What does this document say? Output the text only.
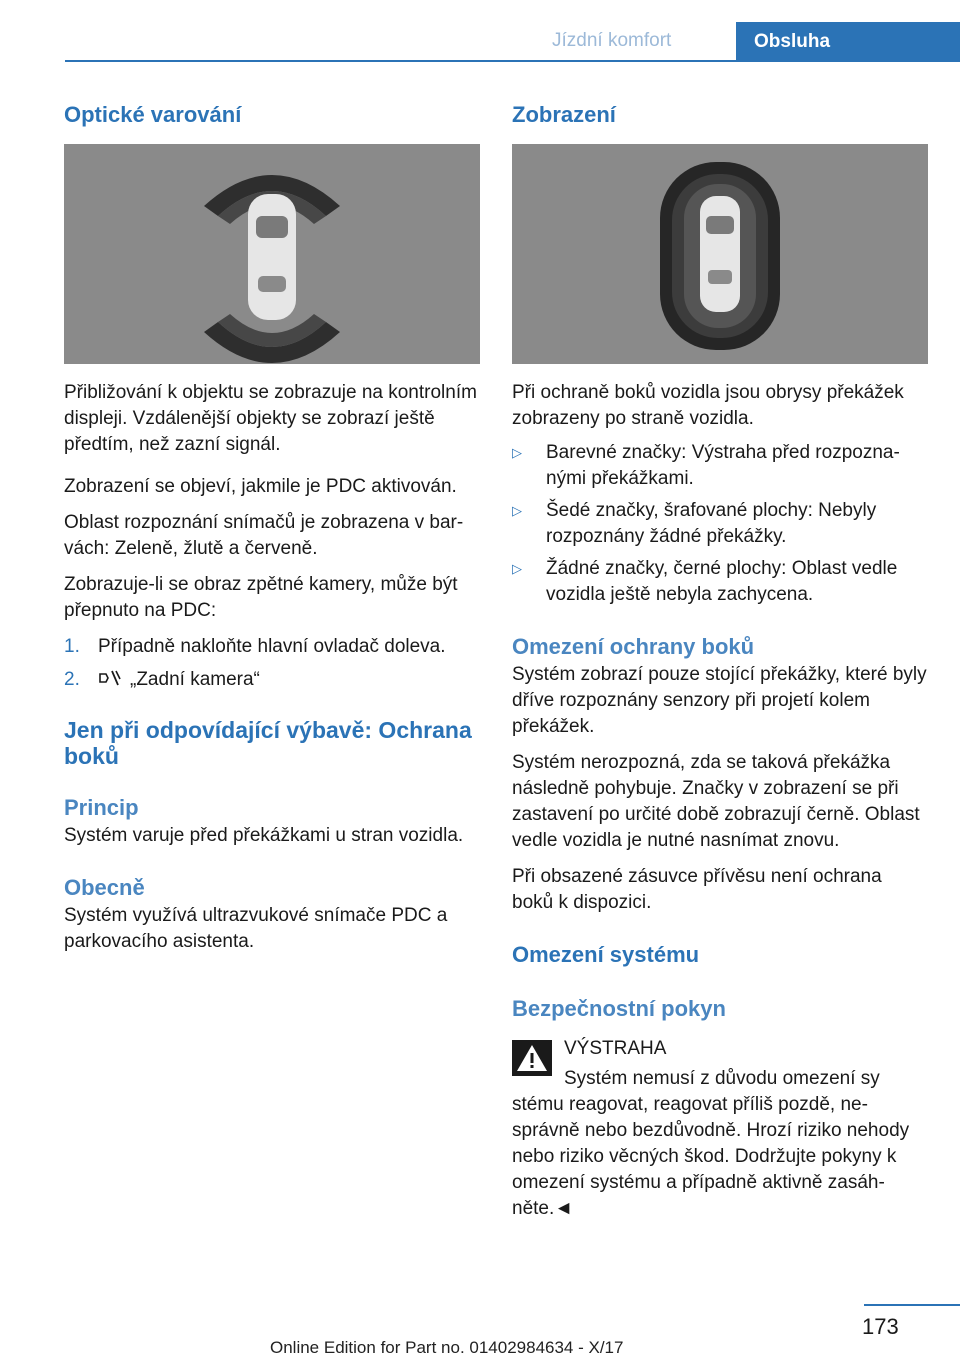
Jízdní komfort	Obsluha
Optické varování

Přibližování k objektu se zobrazuje na kontrolním displeji. Vzdálenější objekty se zobrazí ještě předtím, než zazní signál.

Zobrazení se objeví, jakmile je PDC aktivován.

Oblast rozpoznání snímačů je zobrazena v barvách: Zeleně, žlutě a červeně.

Zobrazuje-li se obraz zpětné kamery, může být přepnuto na PDC:

1. Případně nakloňte hlavní ovladač doleva.
2.	„Zadní kamera“
Jen při odpovídající výbavě: Ochrana boků
Princip

Systém varuje před překážkami u stran vozidla.

Obecně

Systém využívá ultrazvukové snímače PDC a parkovacího asistenta.

Zobrazení

Při ochraně boků vozidla jsou obrysy překážek zobrazeny po straně vozidla.

▷ Barevné značky: Výstraha před rozpoznanými překážkami.
▷ Šedé značky, šrafované plochy: Nebyly rozpoznány žádné překážky.
▷ Žádné značky, černé plochy: Oblast vedle vozidla ještě nebyla zachycena.
Omezení ochrany boků

Systém zobrazí pouze stojící překážky, které byly dříve rozpoznány senzory při projetí kolem překážek.

Systém nerozpozná, zda se taková překážka následně pohybuje. Značky v zobrazení se při zastavení po určité době zobrazují černě. Oblast vedle vozidla je nutné nasnímat znovu.

Při obsazené zásuvce přívěsu není ochrana boků k dispozici.

Omezení systému
Bezpečnostní pokyn

VÝSTRAHA

Systém nemusí z důvodu omezení sy

stému reagovat, reagovat příliš pozdě, nesprávně nebo bezdůvodně. Hrozí riziko nehody nebo riziko věcných škod. Dodržujte pokyny k omezení systému a případně aktivně zasáhněte.◄

173
Online Edition for Part no. 01402984634 - X/17
